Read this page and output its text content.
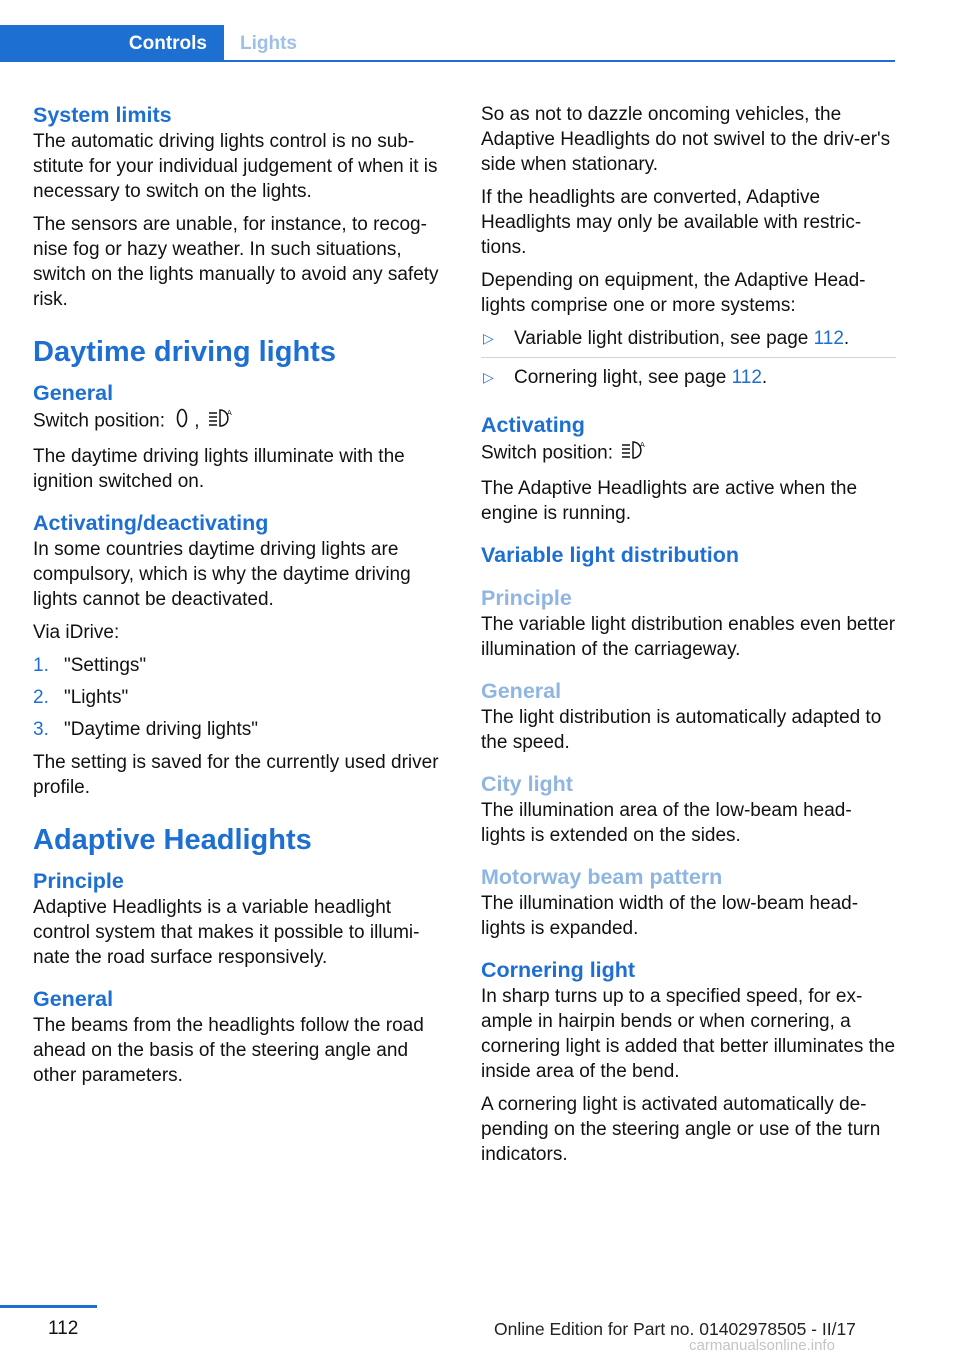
Controls	Lights
System limits

The automatic driving lights control is no sub-stitute for your individual judgement of when it is necessary to switch on the lights.

The sensors are unable, for instance, to recog-nise fog or hazy weather. In such situations, switch on the lights manually to avoid any safety risk.

Daytime driving lights
General

Switch position: ,	A

The daytime driving lights illuminate with the ignition switched on.

Activating/deactivating

In some countries daytime driving lights are compulsory, which is why the daytime driving lights cannot be deactivated.

Via iDrive:

1. "Settings"
2. "Lights"
3. "Daytime driving lights"

The setting is saved for the currently used driver profile.

Adaptive Headlights
Principle

Adaptive Headlights is a variable headlight control system that makes it possible to illumi-nate the road surface responsively.

General

The beams from the headlights follow the road ahead on the basis of the steering angle and other parameters.

So as not to dazzle oncoming vehicles, the Adaptive Headlights do not swivel to the driv-er's side when stationary.

If the headlights are converted, Adaptive Headlights may only be available with restric-tions.

Depending on equipment, the Adaptive Head-lights comprise one or more systems:

▷ Variable light distribution, see page 112.
▷ Cornering light, see page 112.
Activating

Switch position:	A

The Adaptive Headlights are active when the engine is running.

Variable light distribution
Principle

The variable light distribution enables even better illumination of the carriageway.

General

The light distribution is automatically adapted to the speed.

City light

The illumination area of the low-beam head-lights is extended on the sides.

Motorway beam pattern

The illumination width of the low-beam head-lights is expanded.

Cornering light

In sharp turns up to a specified speed, for ex-ample in hairpin bends or when cornering, a cornering light is added that better illuminates the inside area of the bend.

A cornering light is activated automatically de-pending on the steering angle or use of the turn indicators.

112	Online Edition for Part no. 01402978505 - II/17
carmanualsonline.info
